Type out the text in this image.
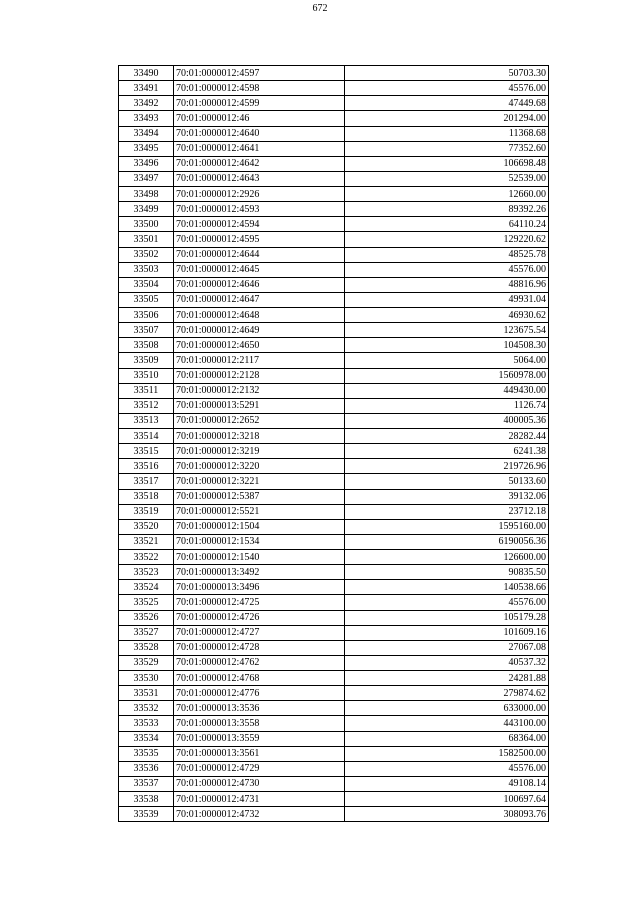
672
33490	70:01:0000012:4597	50703.30
33491	70:01:0000012:4598	45576.00
33492	70:01:0000012:4599	47449.68
33493	70:01:0000012:46	201294.00
33494	70:01:0000012:4640	11368.68
33495	70:01:0000012:4641	77352.60
33496	70:01:0000012:4642	106698.48
33497	70:01:0000012:4643	52539.00
33498	70:01:0000012:2926	12660.00
33499	70:01:0000012:4593	89392.26
33500	70:01:0000012:4594	64110.24
33501	70:01:0000012:4595	129220.62
33502	70:01:0000012:4644	48525.78
33503	70:01:0000012:4645	45576.00
33504	70:01:0000012:4646	48816.96
33505	70:01:0000012:4647	49931.04
33506	70:01:0000012:4648	46930.62
33507	70:01:0000012:4649	123675.54
33508	70:01:0000012:4650	104508.30
33509	70:01:0000012:2117	5064.00
33510	70:01:0000012:2128	1560978.00
33511	70:01:0000012:2132	449430.00
33512	70:01:0000013:5291	1126.74
33513	70:01:0000012:2652	400005.36
33514	70:01:0000012:3218	28282.44
33515	70:01:0000012:3219	6241.38
33516	70:01:0000012:3220	219726.96
33517	70:01:0000012:3221	50133.60
33518	70:01:0000012:5387	39132.06
33519	70:01:0000012:5521	23712.18
33520	70:01:0000012:1504	1595160.00
33521	70:01:0000012:1534	6190056.36
33522	70:01:0000012:1540	126600.00
33523	70:01:0000013:3492	90835.50
33524	70:01:0000013:3496	140538.66
33525	70:01:0000012:4725	45576.00
33526	70:01:0000012:4726	105179.28
33527	70:01:0000012:4727	101609.16
33528	70:01:0000012:4728	27067.08
33529	70:01:0000012:4762	40537.32
33530	70:01:0000012:4768	24281.88
33531	70:01:0000012:4776	279874.62
33532	70:01:0000013:3536	633000.00
33533	70:01:0000013:3558	443100.00
33534	70:01:0000013:3559	68364.00
33535	70:01:0000013:3561	1582500.00
33536	70:01:0000012:4729	45576.00
33537	70:01:0000012:4730	49108.14
33538	70:01:0000012:4731	100697.64
33539	70:01:0000012:4732	308093.76
